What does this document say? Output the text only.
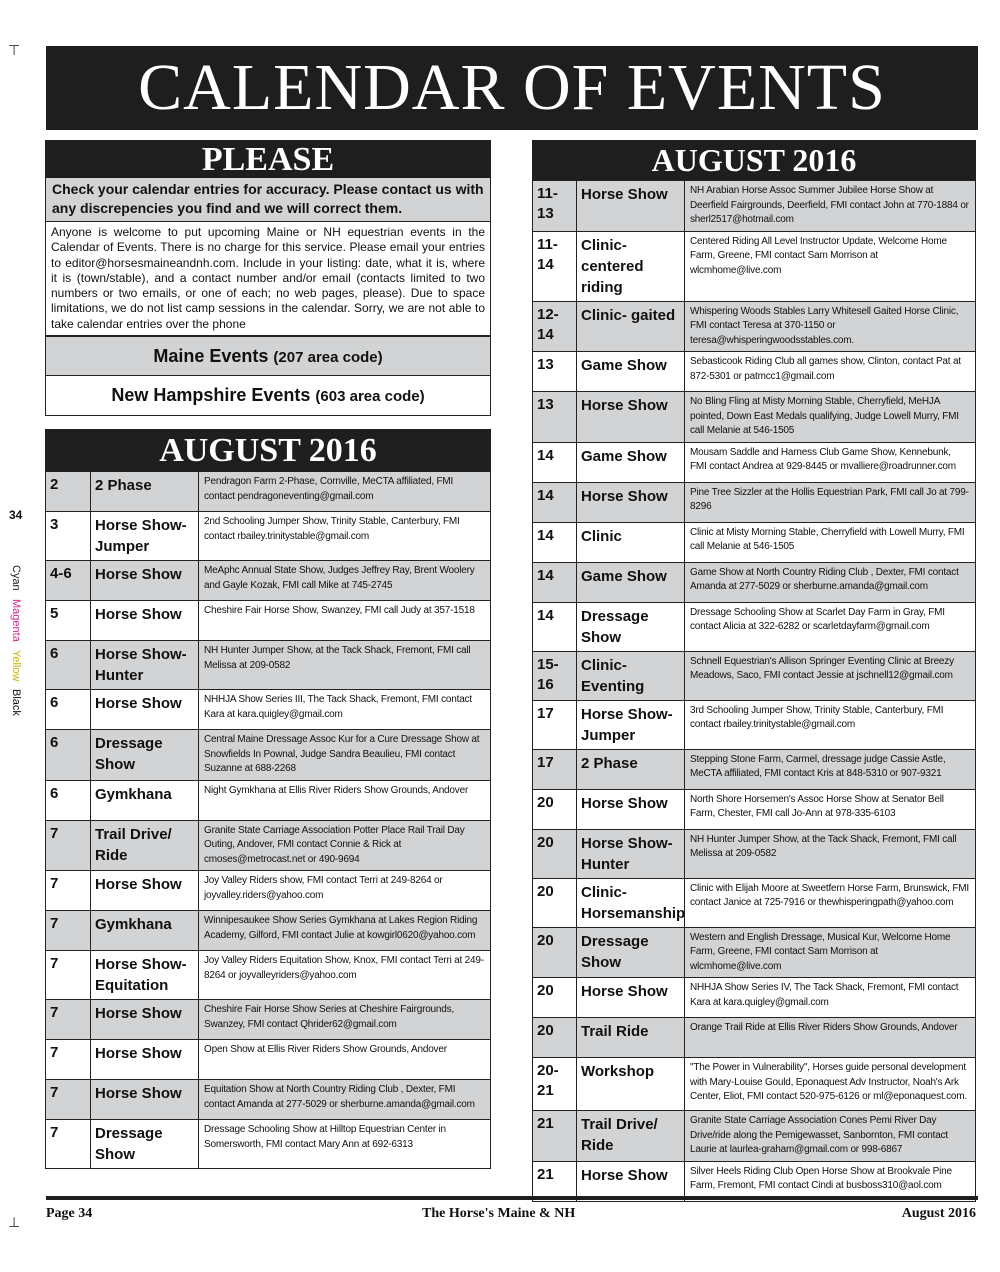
⊤
⊥
CALENDAR OF EVENTS
34
Cyan Magenta Yellow Black
PLEASE
Check your calendar entries for accuracy. Please contact us with any discrepencies you find and we will correct them.
Anyone is welcome to put upcoming Maine or NH equestrian events in the Calendar of Events. There is no charge for this service. Please email your entries to editor@horsesmaineandnh.com. Include in your listing: date, what it is, where it is (town/stable), and a contact number and/or email (contacts limited to two numbers or two emails, or one of each; no web pages, please). Due to space limitations, we do not list camp sessions in the calendar. Sorry, we are not able to take calendar entries over the phone
Maine Events (207 area code)
New Hampshire Events (603 area code)
AUGUST 2016
2	2 Phase	Pendragon Farm 2-Phase, Cornville, MeCTA affiliated, FMI contact pendragoneventing@gmail.com
3	Horse Show-Jumper	2nd Schooling Jumper Show, Trinity Stable, Canterbury, FMI contact rbailey.trinitystable@gmail.com
4-6	Horse Show	MeAphc Annual State Show, Judges Jeffrey Ray, Brent Woolery and Gayle Kozak, FMI call Mike at 745-2745
5	Horse Show	Cheshire Fair Horse Show, Swanzey, FMI call Judy at 357-1518
6	Horse Show-Hunter	NH Hunter Jumper Show, at the Tack Shack, Fremont, FMI call Melissa at 209-0582
6	Horse Show	NHHJA Show Series III, The Tack Shack, Fremont, FMI contact Kara at kara.quigley@gmail.com
6	Dressage Show	Central Maine Dressage Assoc Kur for a Cure Dressage Show at Snowfields In Pownal, Judge Sandra Beaulieu, FMI contact Suzanne at 688-2268
6	Gymkhana	Night Gymkhana at Ellis River Riders Show Grounds, Andover
7	Trail Drive/ Ride	Granite State Carriage Association Potter Place Rail Trail Day Outing, Andover, FMI contact Connie & Rick at cmoses@metrocast.net or 490-9694
7	Horse Show	Joy Valley Riders show, FMI contact Terri at 249-8264 or joyvalley.riders@yahoo.com
7	Gymkhana	Winnipesaukee Show Series Gymkhana at Lakes Region Riding Academy, Gilford, FMI contact Julie at kowgirl0620@yahoo.com
7	Horse Show-Equitation	Joy Valley Riders Equitation Show, Knox, FMI contact Terri at 249-8264 or joyvalleyriders@yahoo.com
7	Horse Show	Cheshire Fair Horse Show Series at Cheshire Fairgrounds, Swanzey, FMI contact Qhrider62@gmail.com
7	Horse Show	Open Show at Ellis River Riders Show Grounds, Andover
7	Horse Show	Equitation Show at North Country Riding Club , Dexter, FMI contact Amanda at 277-5029 or sherburne.amanda@gmail.com
7	Dressage Show	Dressage Schooling Show at Hilltop Equestrian Center in Somersworth, FMI contact Mary Ann at 692-6313
AUGUST 2016
11-13	Horse Show	NH Arabian Horse Assoc Summer Jubilee Horse Show at Deerfield Fairgrounds, Deerfield, FMI contact John at 770-1884 or sherl2517@hotmail.com
11-14	Clinic- centered riding	Centered Riding All Level Instructor Update, Welcome Home Farm, Greene, FMI contact Sam Morrison at wlcmhome@live.com
12-14	Clinic- gaited	Whispering Woods Stables Larry Whitesell Gaited Horse Clinic, FMI contact Teresa at 370-1150 or teresa@whisperingwoodsstables.com.
13	Game Show	Sebasticook Riding Club all games show, Clinton, contact Pat at 872-5301 or patmcc1@gmail.com
13	Horse Show	No Bling Fling at Misty Morning Stable, Cherryfield, MeHJA pointed, Down East Medals qualifying, Judge Lowell Murry, FMI call Melanie at 546-1505
14	Game Show	Mousam Saddle and Harness Club Game Show, Kennebunk, FMI contact Andrea at 929-8445 or mvalliere@roadrunner.com
14	Horse Show	Pine Tree Sizzler at the Hollis Equestrian Park, FMI call Jo at 799-8296
14	Clinic	Clinic at Misty Morning Stable, Cherryfield with Lowell Murry, FMI call Melanie at 546-1505
14	Game Show	Game Show at North Country Riding Club , Dexter, FMI contact Amanda at 277-5029 or sherburne.amanda@gmail.com
14	Dressage Show	Dressage Schooling Show at Scarlet Day Farm in Gray, FMI contact Alicia at 322-6282 or scarletdayfarm@gmail.com
15-16	Clinic-Eventing	Schnell Equestrian's Allison Springer Eventing Clinic at Breezy Meadows, Saco, FMI contact Jessie at jschnell12@gmail.com
17	Horse Show-Jumper	3rd Schooling Jumper Show, Trinity Stable, Canterbury, FMI contact rbailey.trinitystable@gmail.com
17	2 Phase	Stepping Stone Farm, Carmel, dressage judge Cassie Astle, MeCTA affiliated, FMI contact Kris at 848-5310 or 907-9321
20	Horse Show	North Shore Horsemen's Assoc Horse Show at Senator Bell Farm, Chester, FMI call Jo-Ann at 978-335-6103
20	Horse Show-Hunter	NH Hunter Jumper Show, at the Tack Shack, Fremont, FMI call Melissa at 209-0582
20	Clinic- Horsemanship	Clinic with Elijah Moore at Sweetfern Horse Farm, Brunswick, FMI contact Janice at 725-7916 or thewhisperingpath@yahoo.com
20	Dressage Show	Western and English Dressage, Musical Kur, Welcome Home Farm, Greene, FMI contact Sam Morrison at wlcmhome@live.com
20	Horse Show	NHHJA Show Series IV, The Tack Shack, Fremont, FMI contact Kara at kara.quigley@gmail.com
20	Trail Ride	Orange Trail Ride at Ellis River Riders Show Grounds, Andover
20-21	Workshop	"The Power in Vulnerability", Horses guide personal development with Mary-Louise Gould, Eponaquest Adv Instructor, Noah's Ark Center, Eliot, FMI contact 520-975-6126 or ml@eponaquest.com.
21	Trail Drive/ Ride	Granite State Carriage Association Cones Pemi River Day Drive/ride along the Pemigewasset, Sanbornton, FMI contact Laurie at laurlea-graham@gmail.com or 998-6867
21	Horse Show	Silver Heels Riding Club Open Horse Show at Brookvale Pine Farm, Fremont, FMI contact Cindi at busboss310@aol.com
Page 34	The Horse's Maine & NH	August 2016
